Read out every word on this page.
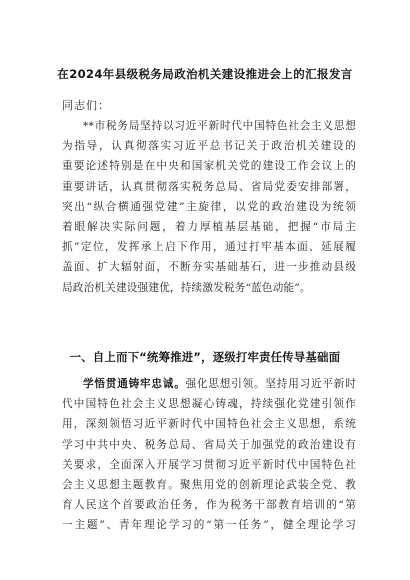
在2024年县级税务局政治机关建设推进会上的汇报发言
同志们：
**市税务局坚持以习近平新时代中国特色社会主义思想
为指导，认真彻落实习近平总书记关于政治机关建设的
重要论述特别是在中央和国家机关党的建设工作会议上的
重要讲话，认真贯彻落实税务总局、省局党委安排部署，
突出“纵合横通强党建”主旋律，以党的政治建设为统领
着眼解决实际问题，着力厚植基层基础，把握“市局主
抓”定位，发挥承上启下作用，通过打牢基本面、延展履
盖面、扩大辐射面，不断夯实基础基石，进一步推动县级
局政治机关建设强建优，持续激发税务“蓝色动能”。
一、自上而下“统筹推进”，逐级打牢责任传导基础面
学悟贯通铸牢忠诚。强化思想引领。坚持用习近平新时
代中国特色社会主义思想凝心铸魂，持续强化党建引领作
用，深刻领悟习近平新时代中国特色社会主义思想，系统
学习中共中央、税务总局、省局关于加强党的政治建设有
关要求，全面深入开展学习贯彻习近平新时代中国特色社
会主义思想主题教育。聚焦用党的创新理论武装全党、教
育人民这个首要政治任务，作为税务干部教育培训的“第
一主题”、青年理论学习的“第一任务”，健全理论学习
